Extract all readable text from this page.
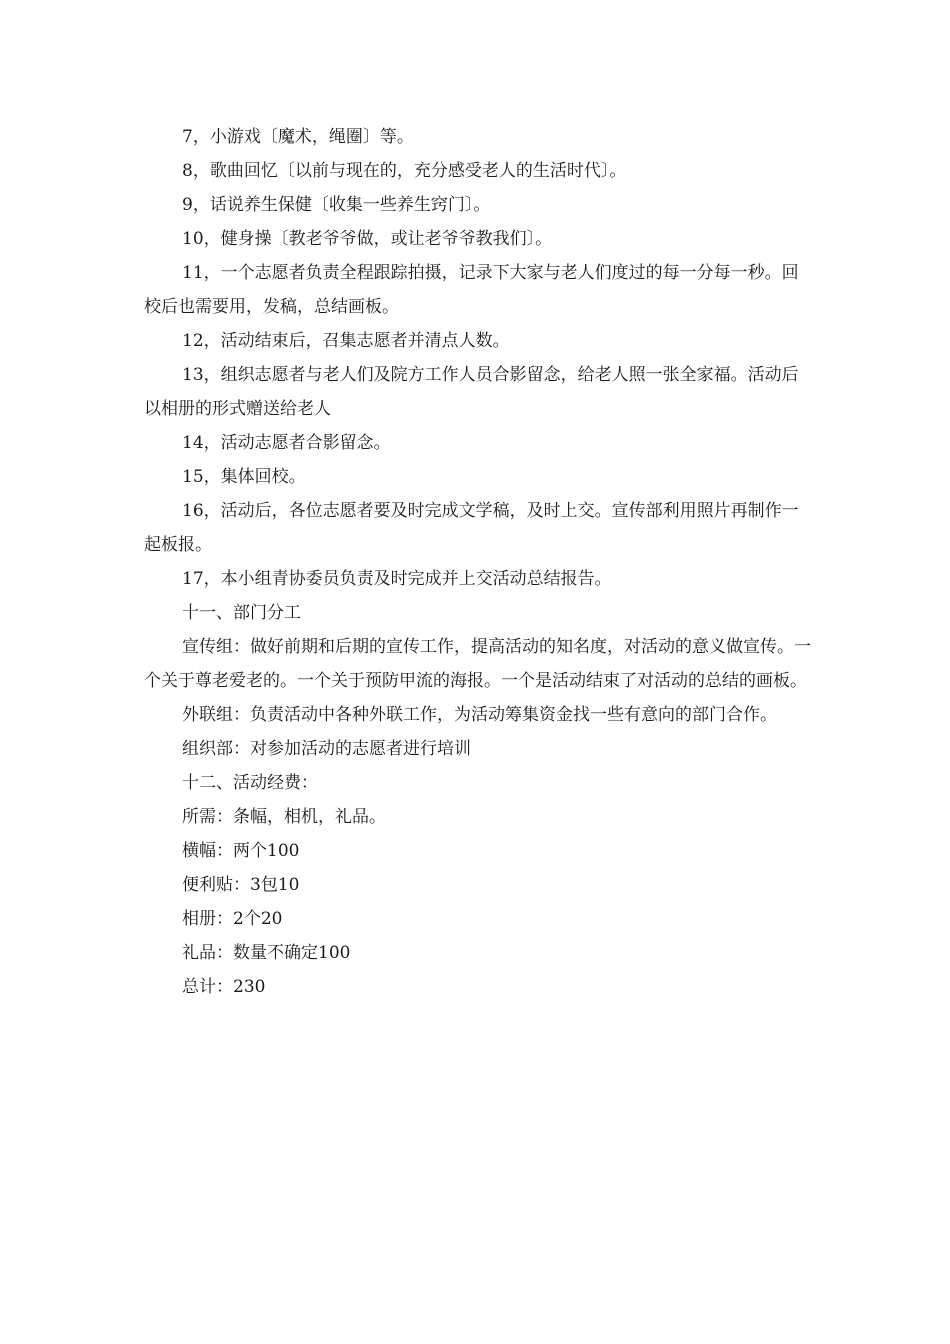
7，小游戏〔魔术，绳圈〕等。

8，歌曲回忆〔以前与现在的，充分感受老人的生活时代〕。

9，话说养生保健〔收集一些养生窍门〕。

10，健身操〔教老爷爷做，或让老爷爷教我们〕。

11，一个志愿者负责全程跟踪拍摄，记录下大家与老人们度过的每一分每一秒。回校后也需要用，发稿，总结画板。

12，活动结束后，召集志愿者并清点人数。

13，组织志愿者与老人们及院方工作人员合影留念，给老人照一张全家福。活动后以相册的形式赠送给老人

14，活动志愿者合影留念。

15，集体回校。

16，活动后，各位志愿者要及时完成文学稿，及时上交。宣传部利用照片再制作一起板报。

17，本小组青协委员负责及时完成并上交活动总结报告。

十一、部门分工

宣传组：做好前期和后期的宣传工作，提高活动的知名度，对活动的意义做宣传。一个关于尊老爱老的。一个关于预防甲流的海报。一个是活动结束了对活动的总结的画板。

外联组：负责活动中各种外联工作，为活动筹集资金找一些有意向的部门合作。

组织部：对参加活动的志愿者进行培训

十二、活动经费：

所需：条幅，相机，礼品。

横幅：两个100

便利贴：3包10

相册：2个20

礼品：数量不确定100

总计：230
